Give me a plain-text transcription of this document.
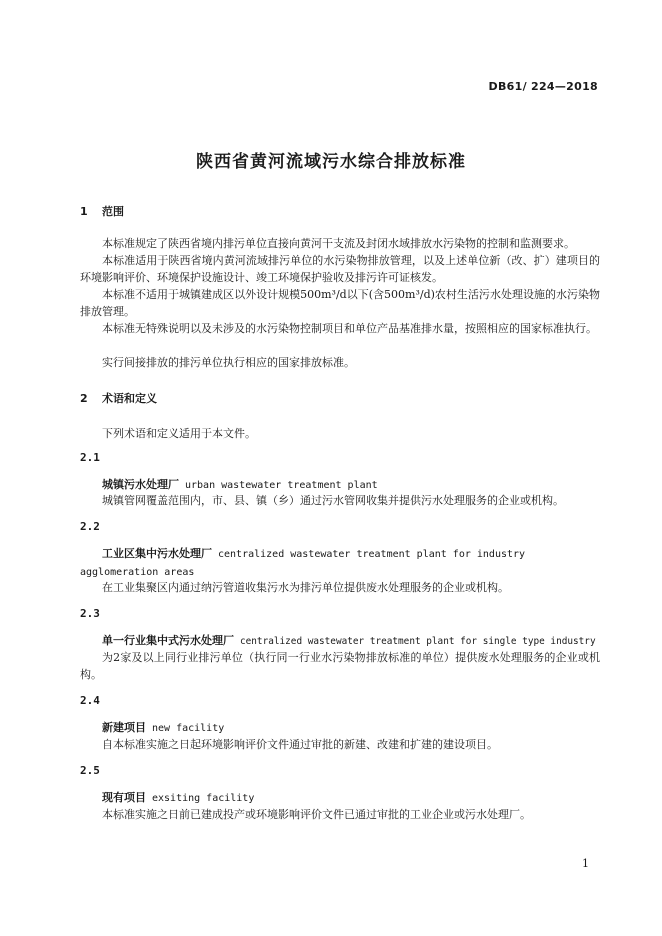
DB61/ 224—2018
陕西省黄河流域污水综合排放标准
1 范围
本标准规定了陕西省境内排污单位直接向黄河干支流及封闭水域排放水污染物的控制和监测要求。
本标准适用于陕西省境内黄河流域排污单位的水污染物排放管理，以及上述单位新（改、扩）建项目的环境影响评价、环境保护设施设计、竣工环境保护验收及排污许可证核发。
本标准不适用于城镇建成区以外设计规模500m³/d以下(含500m³/d)农村生活污水处理设施的水污染物排放管理。
本标准无特殊说明以及未涉及的水污染物控制项目和单位产品基准排水量，按照相应的国家标准执行。
实行间接排放的排污单位执行相应的国家排放标准。
2 术语和定义
下列术语和定义适用于本文件。
2.1
城镇污水处理厂 urban wastewater treatment plant
城镇管网覆盖范围内，市、县、镇（乡）通过污水管网收集并提供污水处理服务的企业或机构。
2.2
工业区集中污水处理厂 centralized wastewater treatment plant for industry agglomeration areas
在工业集聚区内通过纳污管道收集污水为排污单位提供废水处理服务的企业或机构。
2.3
单一行业集中式污水处理厂 centralized wastewater treatment plant for single type industry
为2家及以上同行业排污单位（执行同一行业水污染物排放标准的单位）提供废水处理服务的企业或机构。
2.4
新建项目 new facility
自本标准实施之日起环境影响评价文件通过审批的新建、改建和扩建的建设项目。
2.5
现有项目 exsiting facility
本标准实施之日前已建成投产或环境影响评价文件已通过审批的工业企业或污水处理厂。
1
